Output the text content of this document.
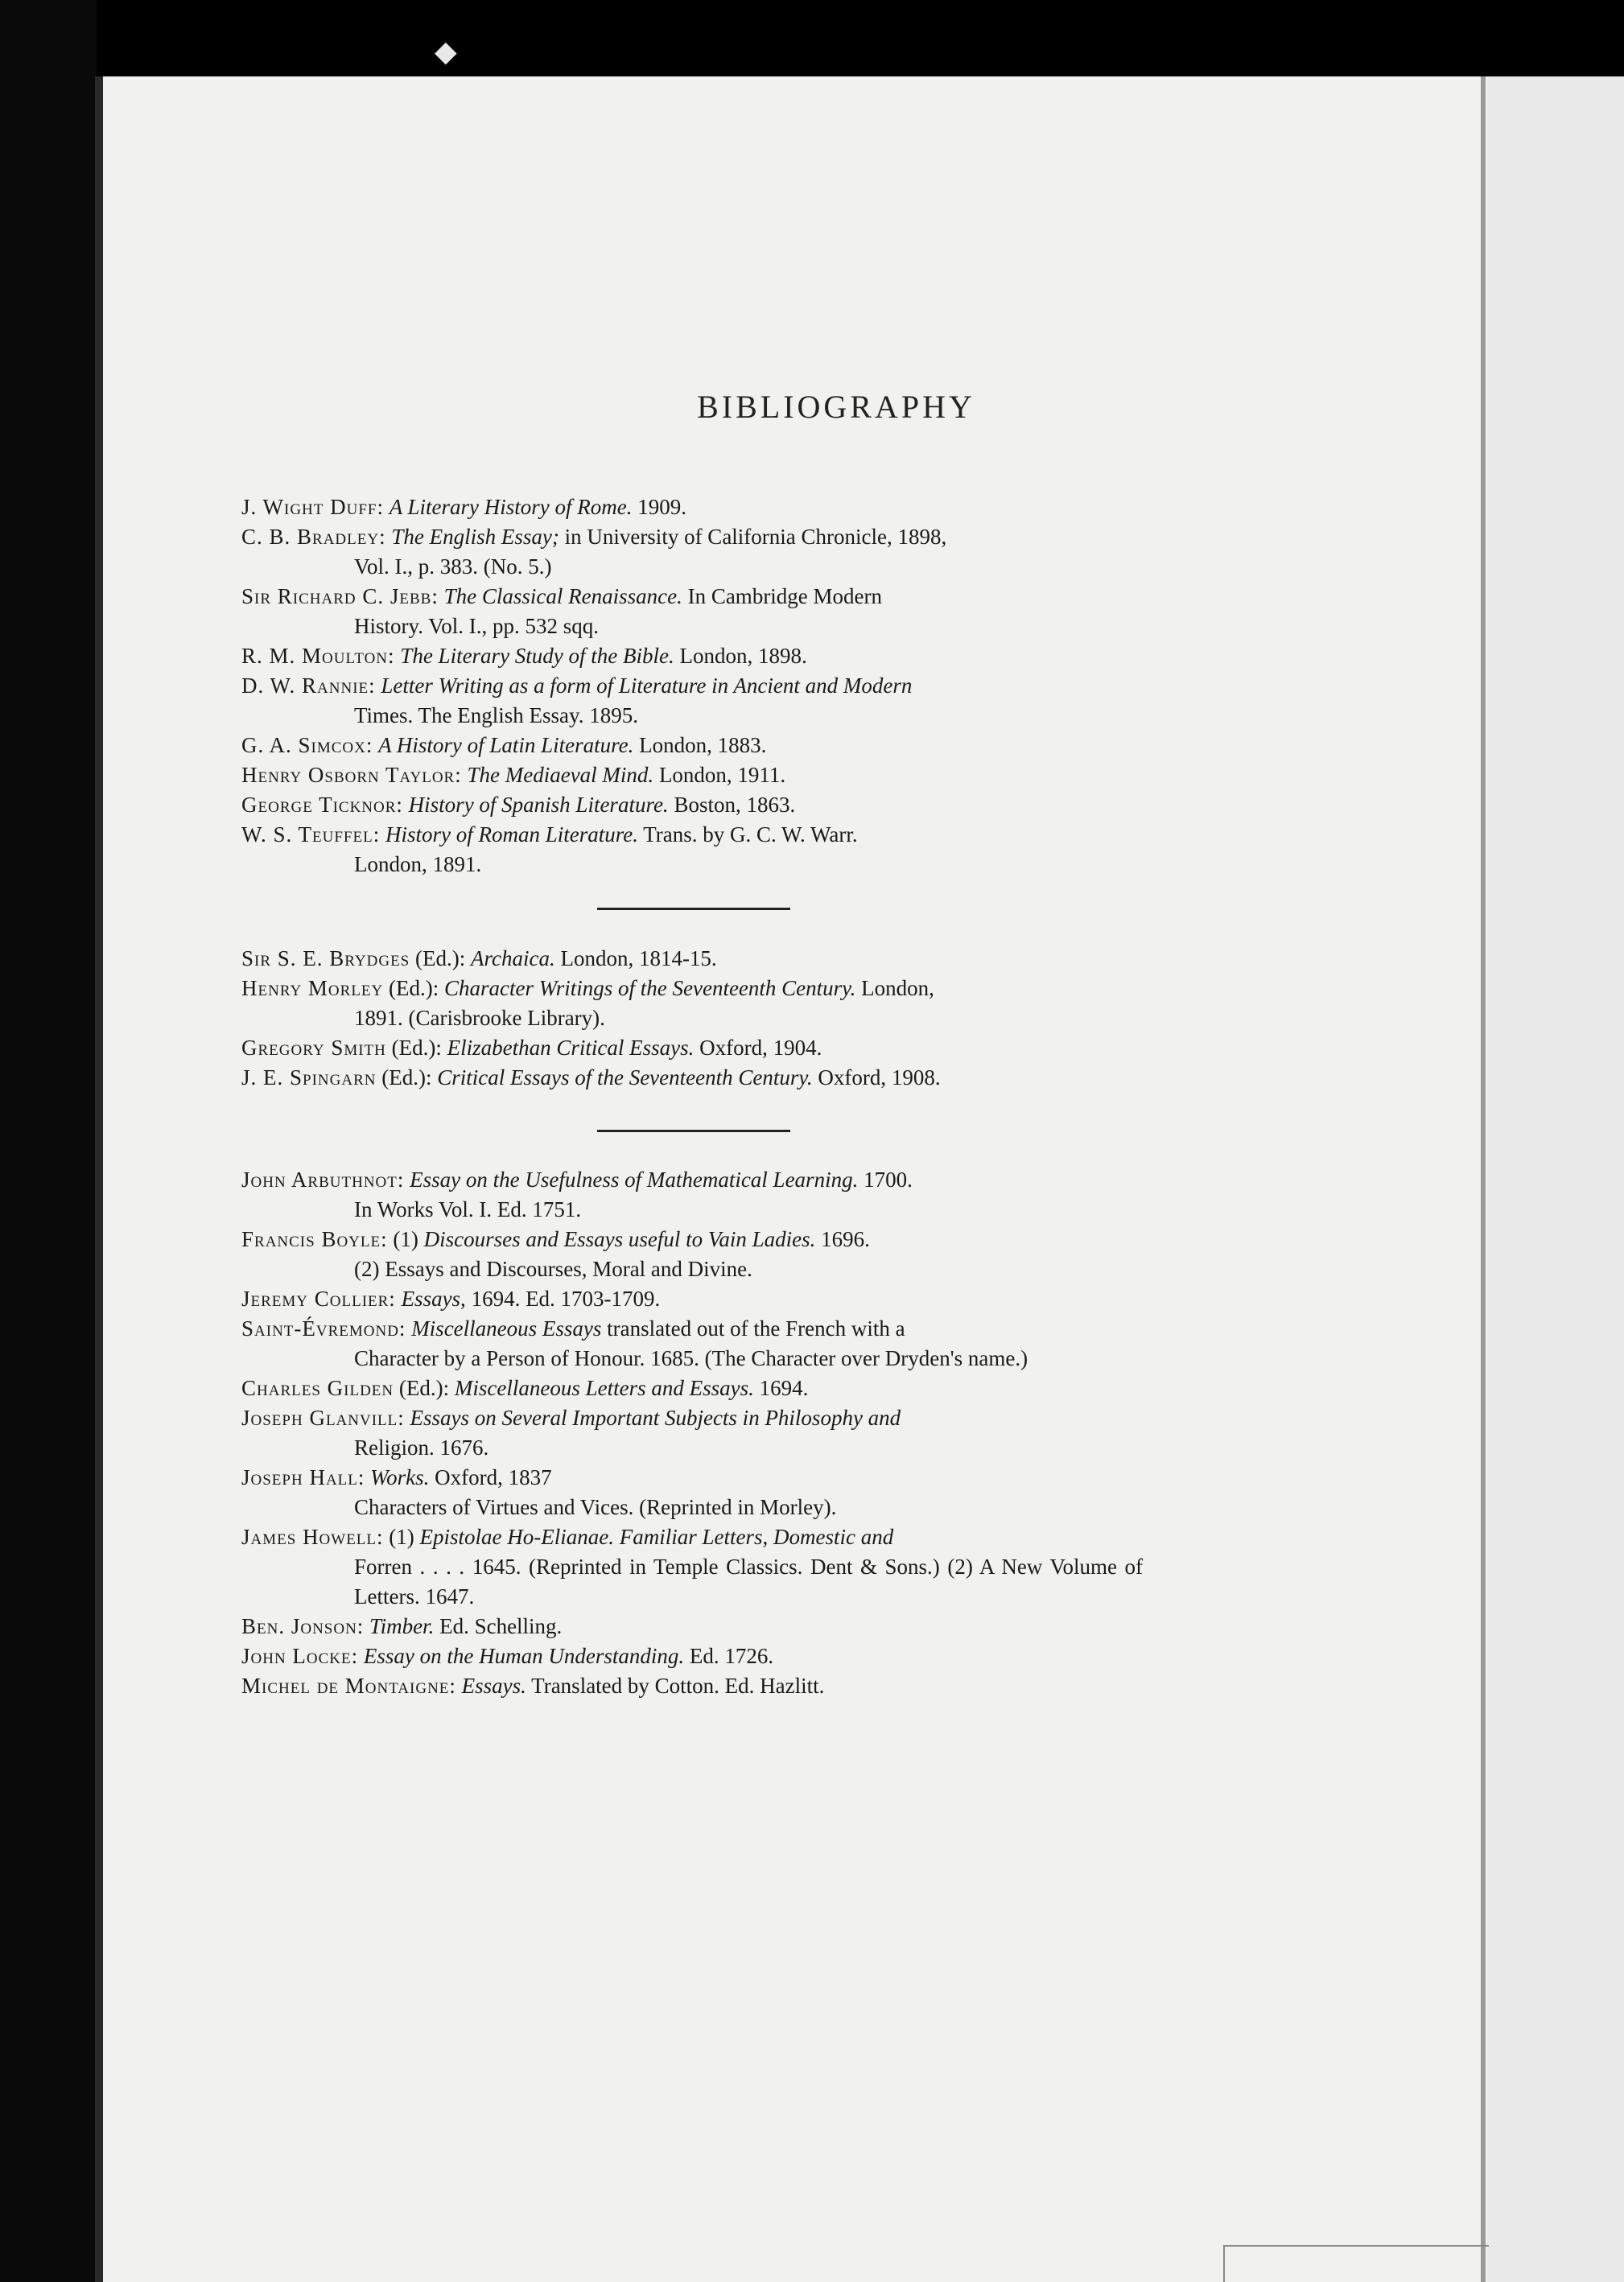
◆
BIBLIOGRAPHY
J. Wight Duff: A Literary History of Rome. 1909.
C. B. Bradley: The English Essay; in University of California Chronicle, 1898,
Vol. I., p. 383. (No. 5.)
Sir Richard C. Jebb: The Classical Renaissance. In Cambridge Modern
History. Vol. I., pp. 532 sqq.
R. M. Moulton: The Literary Study of the Bible. London, 1898.
D. W. Rannie: Letter Writing as a form of Literature in Ancient and Modern
Times. The English Essay. 1895.
G. A. Simcox: A History of Latin Literature. London, 1883.
Henry Osborn Taylor: The Mediaeval Mind. London, 1911.
George Ticknor: History of Spanish Literature. Boston, 1863.
W. S. Teuffel: History of Roman Literature. Trans. by G. C. W. Warr.
London, 1891.
Sir S. E. Brydges (Ed.): Archaica. London, 1814-15.
Henry Morley (Ed.): Character Writings of the Seventeenth Century. London,
1891. (Carisbrooke Library).
Gregory Smith (Ed.): Elizabethan Critical Essays. Oxford, 1904.
J. E. Spingarn (Ed.): Critical Essays of the Seventeenth Century. Oxford, 1908.
John Arbuthnot: Essay on the Usefulness of Mathematical Learning. 1700.
In Works Vol. I. Ed. 1751.
Francis Boyle: (1) Discourses and Essays useful to Vain Ladies. 1696.
(2) Essays and Discourses, Moral and Divine.
Jeremy Collier: Essays, 1694. Ed. 1703-1709.
Saint-Évremond: Miscellaneous Essays translated out of the French with a
Character by a Person of Honour. 1685. (The Character over Dryden's name.)
Charles Gilden (Ed.): Miscellaneous Letters and Essays. 1694.
Joseph Glanvill: Essays on Several Important Subjects in Philosophy and
Religion. 1676.
Joseph Hall: Works. Oxford, 1837
Characters of Virtues and Vices. (Reprinted in Morley).
James Howell: (1) Epistolae Ho-Elianae. Familiar Letters, Domestic and
Forren . . . . 1645. (Reprinted in Temple Classics. Dent & Sons.) (2) A New Volume of Letters. 1647.
Ben. Jonson: Timber. Ed. Schelling.
John Locke: Essay on the Human Understanding. Ed. 1726.
Michel de Montaigne: Essays. Translated by Cotton. Ed. Hazlitt.
